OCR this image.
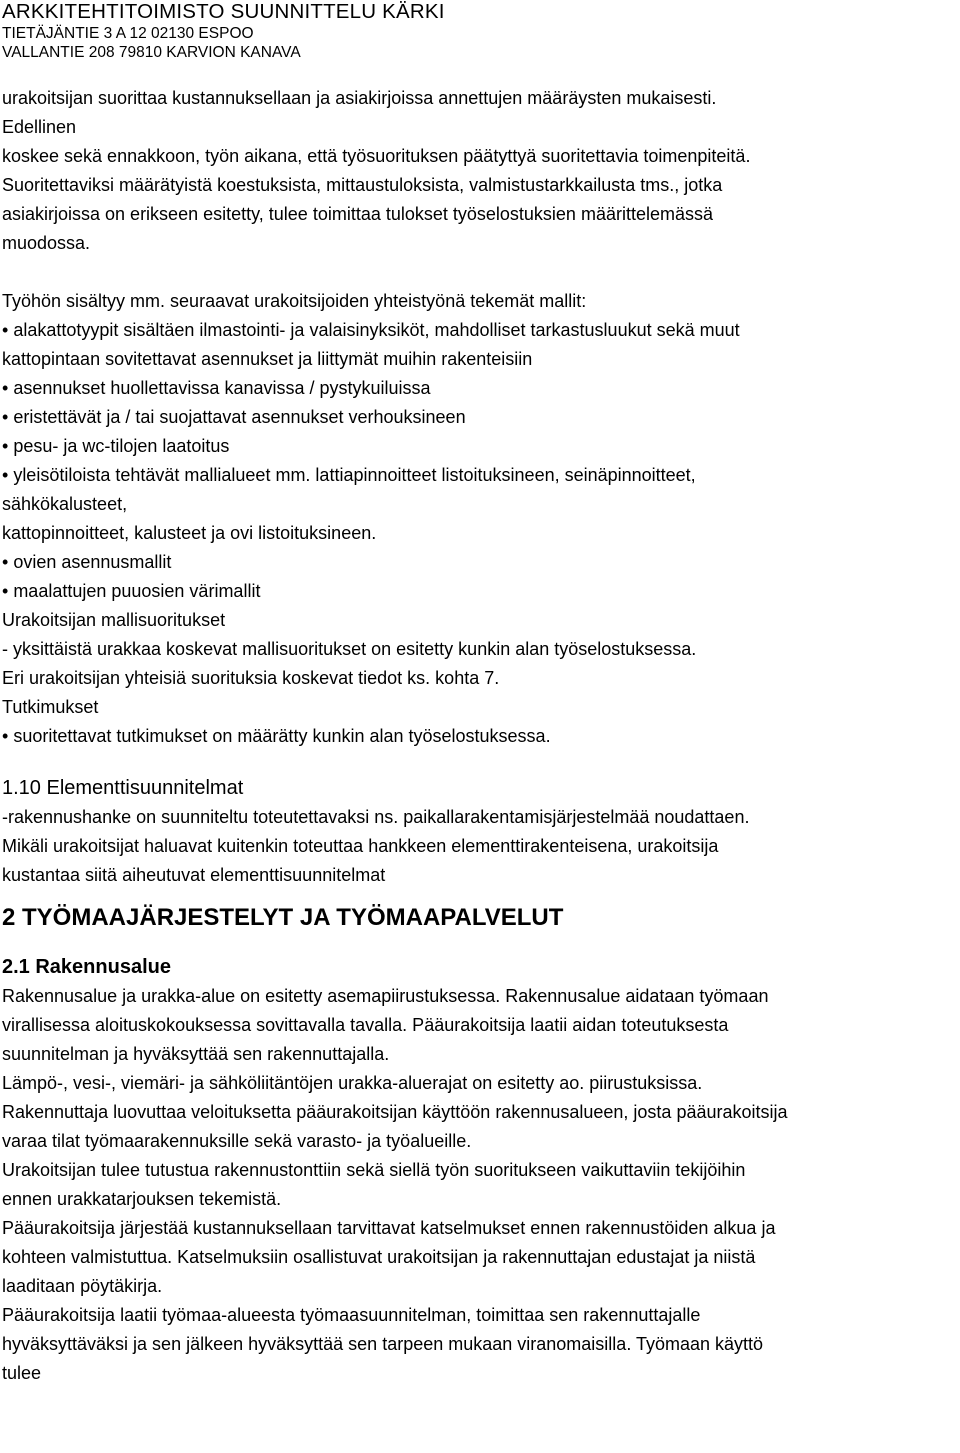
ARKKITEHTITOIMISTO SUUNNITTELU KÄRKI
TIETÄJÄNTIE 3 A 12 02130 ESPOO
VALLANTIE 208 79810 KARVION KANAVA

urakoitsijan suorittaa kustannuksellaan ja asiakirjoissa annettujen määräysten mukaisesti.

Edellinen

koskee sekä ennakkoon, työn aikana, että työsuorituksen päätyttyä suoritettavia toimenpiteitä.

Suoritettaviksi määrätyistä koestuksista, mittaustuloksista, valmistustarkkailusta tms., jotka

asiakirjoissa on erikseen esitetty, tulee toimittaa tulokset työselostuksien määrittelemässä

muodossa.

Työhön sisältyy mm. seuraavat urakoitsijoiden yhteistyönä tekemät mallit:

• alakattotyypit sisältäen ilmastointi- ja valaisinyksiköt, mahdolliset tarkastusluukut sekä muut

kattopintaan sovitettavat asennukset ja liittymät muihin rakenteisiin

• asennukset huollettavissa kanavissa / pystykuiluissa

• eristettävät ja / tai suojattavat asennukset verhouksineen

• pesu- ja wc-tilojen laatoitus

• yleisötiloista tehtävät mallialueet mm. lattiapinnoitteet listoituksineen, seinäpinnoitteet,

sähkökalusteet,

kattopinnoitteet, kalusteet ja ovi listoituksineen.

• ovien asennusmallit

• maalattujen puuosien värimallit

Urakoitsijan mallisuoritukset

- yksittäistä urakkaa koskevat mallisuoritukset on esitetty kunkin alan työselostuksessa.

Eri urakoitsijan yhteisiä suorituksia koskevat tiedot ks. kohta 7.

Tutkimukset

• suoritettavat tutkimukset on määrätty kunkin alan työselostuksessa.

1.10 Elementtisuunnitelmat

-rakennushanke on suunniteltu toteutettavaksi ns. paikallarakentamisjärjestelmää noudattaen.

Mikäli urakoitsijat haluavat kuitenkin toteuttaa hankkeen elementtirakenteisena, urakoitsija

kustantaa siitä aiheutuvat elementtisuunnitelmat

2 TYÖMAAJÄRJESTELYT JA TYÖMAAPALVELUT
2.1 Rakennusalue

Rakennusalue ja urakka-alue on esitetty asemapiirustuksessa. Rakennusalue aidataan työmaan

virallisessa aloituskokouksessa sovittavalla tavalla. Pääurakoitsija laatii aidan toteutuksesta

suunnitelman ja hyväksyttää sen rakennuttajalla.

Lämpö-, vesi-, viemäri- ja sähköliitäntöjen urakka-aluerajat on esitetty ao. piirustuksissa.

Rakennuttaja luovuttaa veloituksetta pääurakoitsijan käyttöön rakennusalueen, josta pääurakoitsija

varaa tilat työmaarakennuksille sekä varasto- ja työalueille.

Urakoitsijan tulee tutustua rakennustonttiin sekä siellä työn suoritukseen vaikuttaviin tekijöihin

ennen urakkatarjouksen tekemistä.

Pääurakoitsija järjestää kustannuksellaan tarvittavat katselmukset ennen rakennustöiden alkua ja

kohteen valmistuttua. Katselmuksiin osallistuvat urakoitsijan ja rakennuttajan edustajat ja niistä

laaditaan pöytäkirja.

Pääurakoitsija laatii työmaa-alueesta työmaasuunnitelman, toimittaa sen rakennuttajalle

hyväksyttäväksi ja sen jälkeen hyväksyttää sen tarpeen mukaan viranomaisilla. Työmaan käyttö

tulee
